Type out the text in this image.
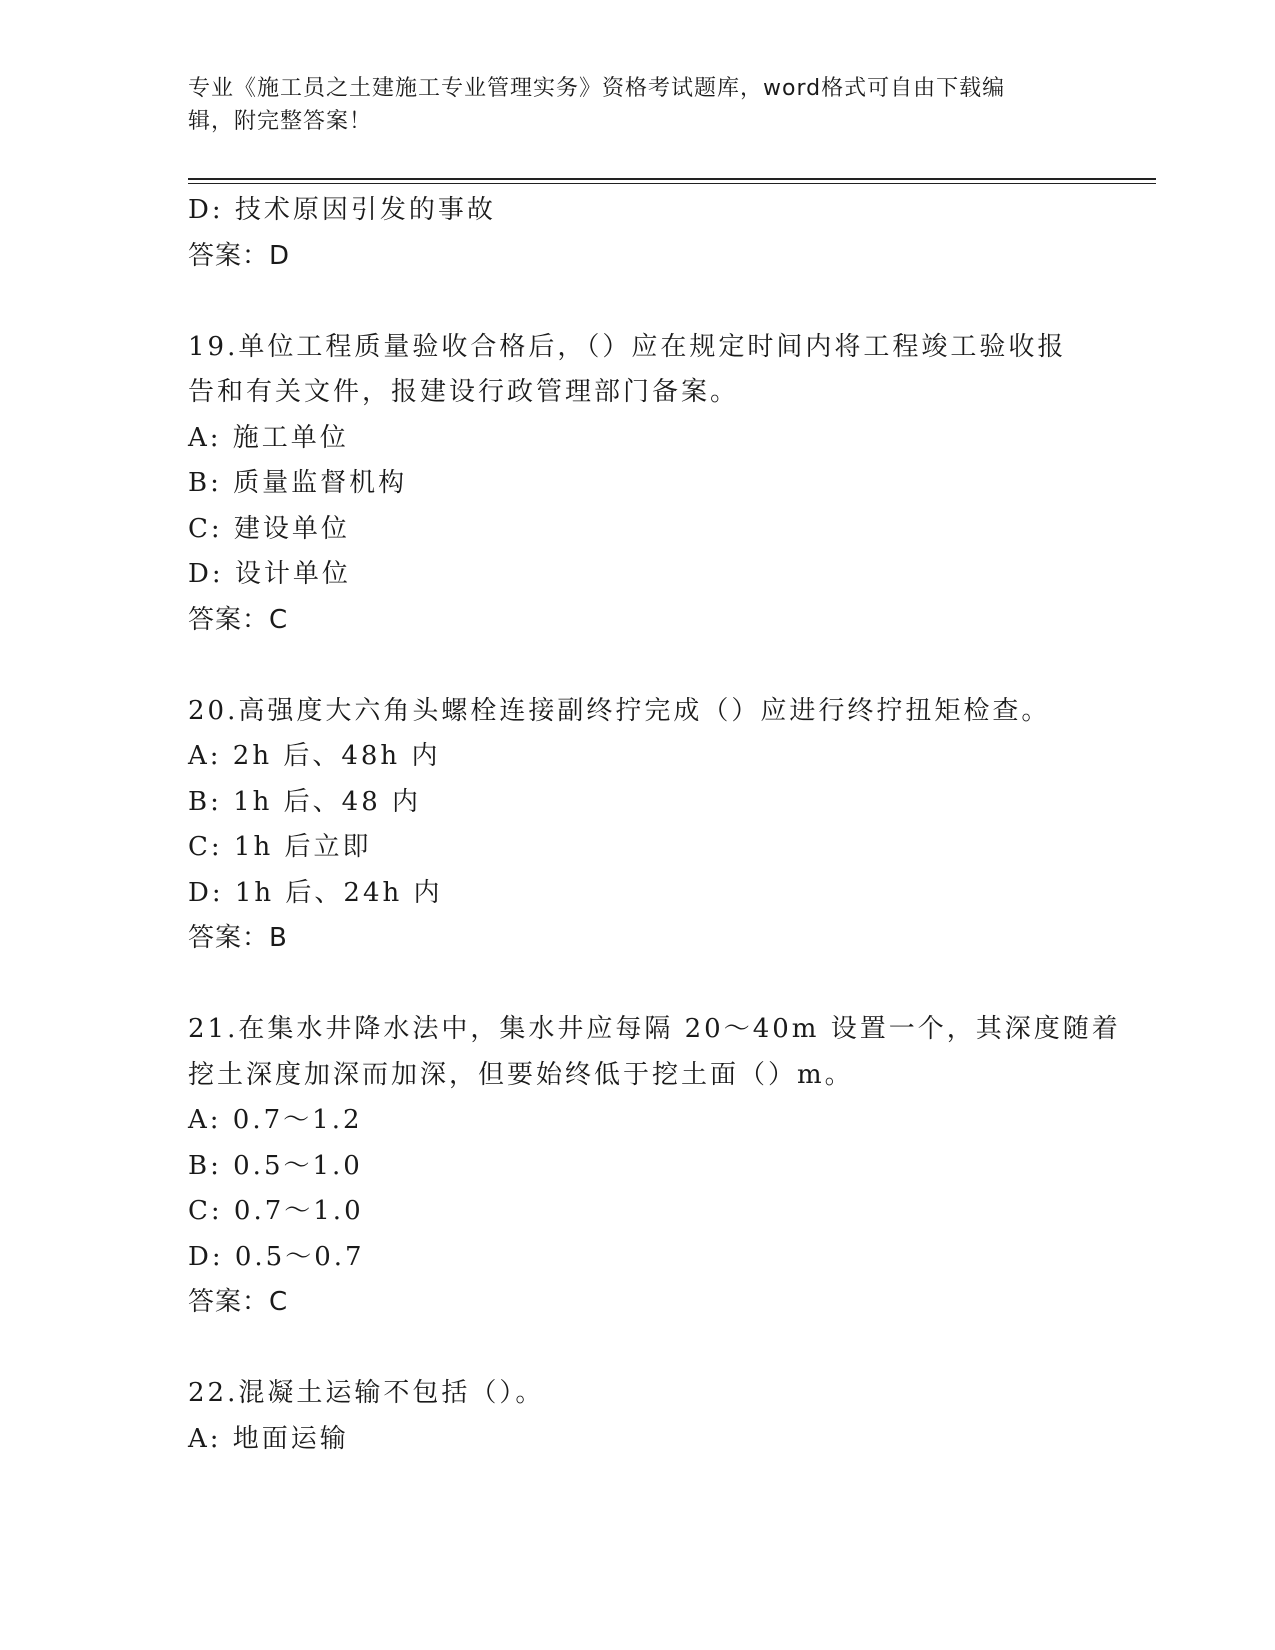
专业《施工员之土建施工专业管理实务》资格考试题库，word格式可自由下载编
辑，附完整答案！
D: 技术原因引发的事故
答案：D
19.单位工程质量验收合格后，（）应在规定时间内将工程竣工验收报
告和有关文件，报建设行政管理部门备案。
A: 施工单位
B: 质量监督机构
C: 建设单位
D: 设计单位
答案：C
20.高强度大六角头螺栓连接副终拧完成（）应进行终拧扭矩检查。
A: 2h 后、48h 内
B: 1h 后、48 内
C: 1h 后立即
D: 1h 后、24h 内
答案：B
21.在集水井降水法中，集水井应每隔 20～40m 设置一个，其深度随着
挖土深度加深而加深，但要始终低于挖土面（）m。
A: 0.7～1.2
B: 0.5～1.0
C: 0.7～1.0
D: 0.5～0.7
答案：C
22.混凝土运输不包括（）。
A: 地面运输
